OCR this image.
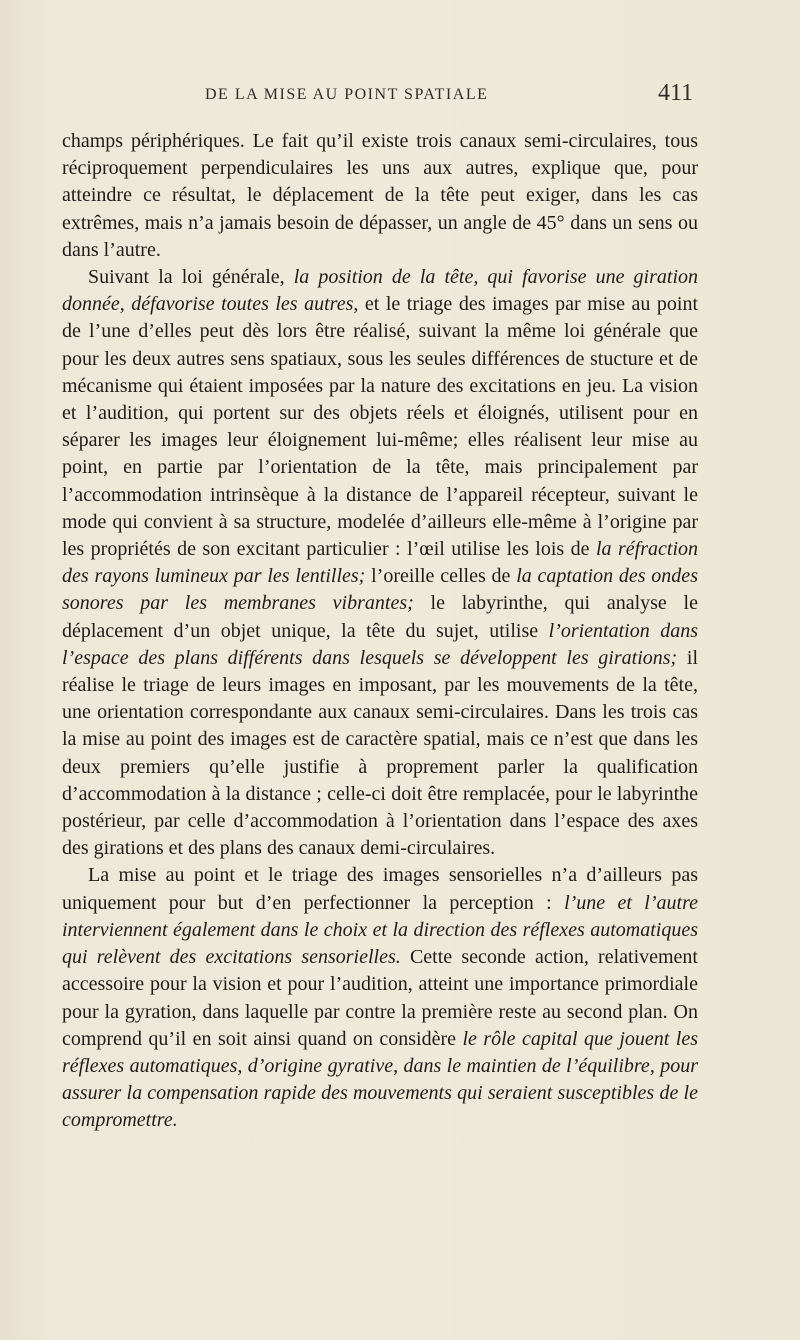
DE LA MISE AU POINT SPATIALE	411

champs périphériques. Le fait qu’il existe trois canaux semi-circulaires, tous réciproquement perpendiculaires les uns aux autres, explique que, pour atteindre ce résultat, le déplacement de la tête peut exiger, dans les cas extrêmes, mais n’a jamais besoin de dépasser, un angle de 45° dans un sens ou dans l’autre.

Suivant la loi générale, la position de la tête, qui favorise une giration donnée, défavorise toutes les autres, et le triage des images par mise au point de l’une d’elles peut dès lors être réalisé, suivant la même loi générale que pour les deux autres sens spatiaux, sous les seules différences de stucture et de mécanisme qui étaient imposées par la nature des excitations en jeu. La vision et l’audition, qui portent sur des objets réels et éloignés, utilisent pour en séparer les images leur éloignement lui-même; elles réalisent leur mise au point, en partie par l’orientation de la tête, mais principalement par l’accommodation intrinsèque à la distance de l’appareil récepteur, suivant le mode qui convient à sa structure, modelée d’ailleurs elle-même à l’origine par les propriétés de son excitant particulier : l’œil utilise les lois de la réfraction des rayons lumineux par les lentilles; l’oreille celles de la captation des ondes sonores par les membranes vibrantes; le labyrinthe, qui analyse le déplacement d’un objet unique, la tête du sujet, utilise l’orientation dans l’espace des plans différents dans lesquels se développent les girations; il réalise le triage de leurs images en imposant, par les mouvements de la tête, une orientation correspondante aux canaux semi-circulaires. Dans les trois cas la mise au point des images est de caractère spatial, mais ce n’est que dans les deux premiers qu’elle justifie à proprement parler la qualification d’accommodation à la distance ; celle-ci doit être remplacée, pour le labyrinthe postérieur, par celle d’accommodation à l’orientation dans l’espace des axes des girations et des plans des canaux demi-circulaires.

La mise au point et le triage des images sensorielles n’a d’ailleurs pas uniquement pour but d’en perfectionner la perception : l’une et l’autre interviennent également dans le choix et la direction des réflexes automatiques qui relèvent des excitations sensorielles. Cette seconde action, relativement accessoire pour la vision et pour l’audition, atteint une importance primordiale pour la gyration, dans laquelle par contre la première reste au second plan. On comprend qu’il en soit ainsi quand on considère le rôle capital que jouent les réflexes automatiques, d’origine gyrative, dans le maintien de l’équilibre, pour assurer la compensation rapide des mouvements qui seraient susceptibles de le compromettre.
